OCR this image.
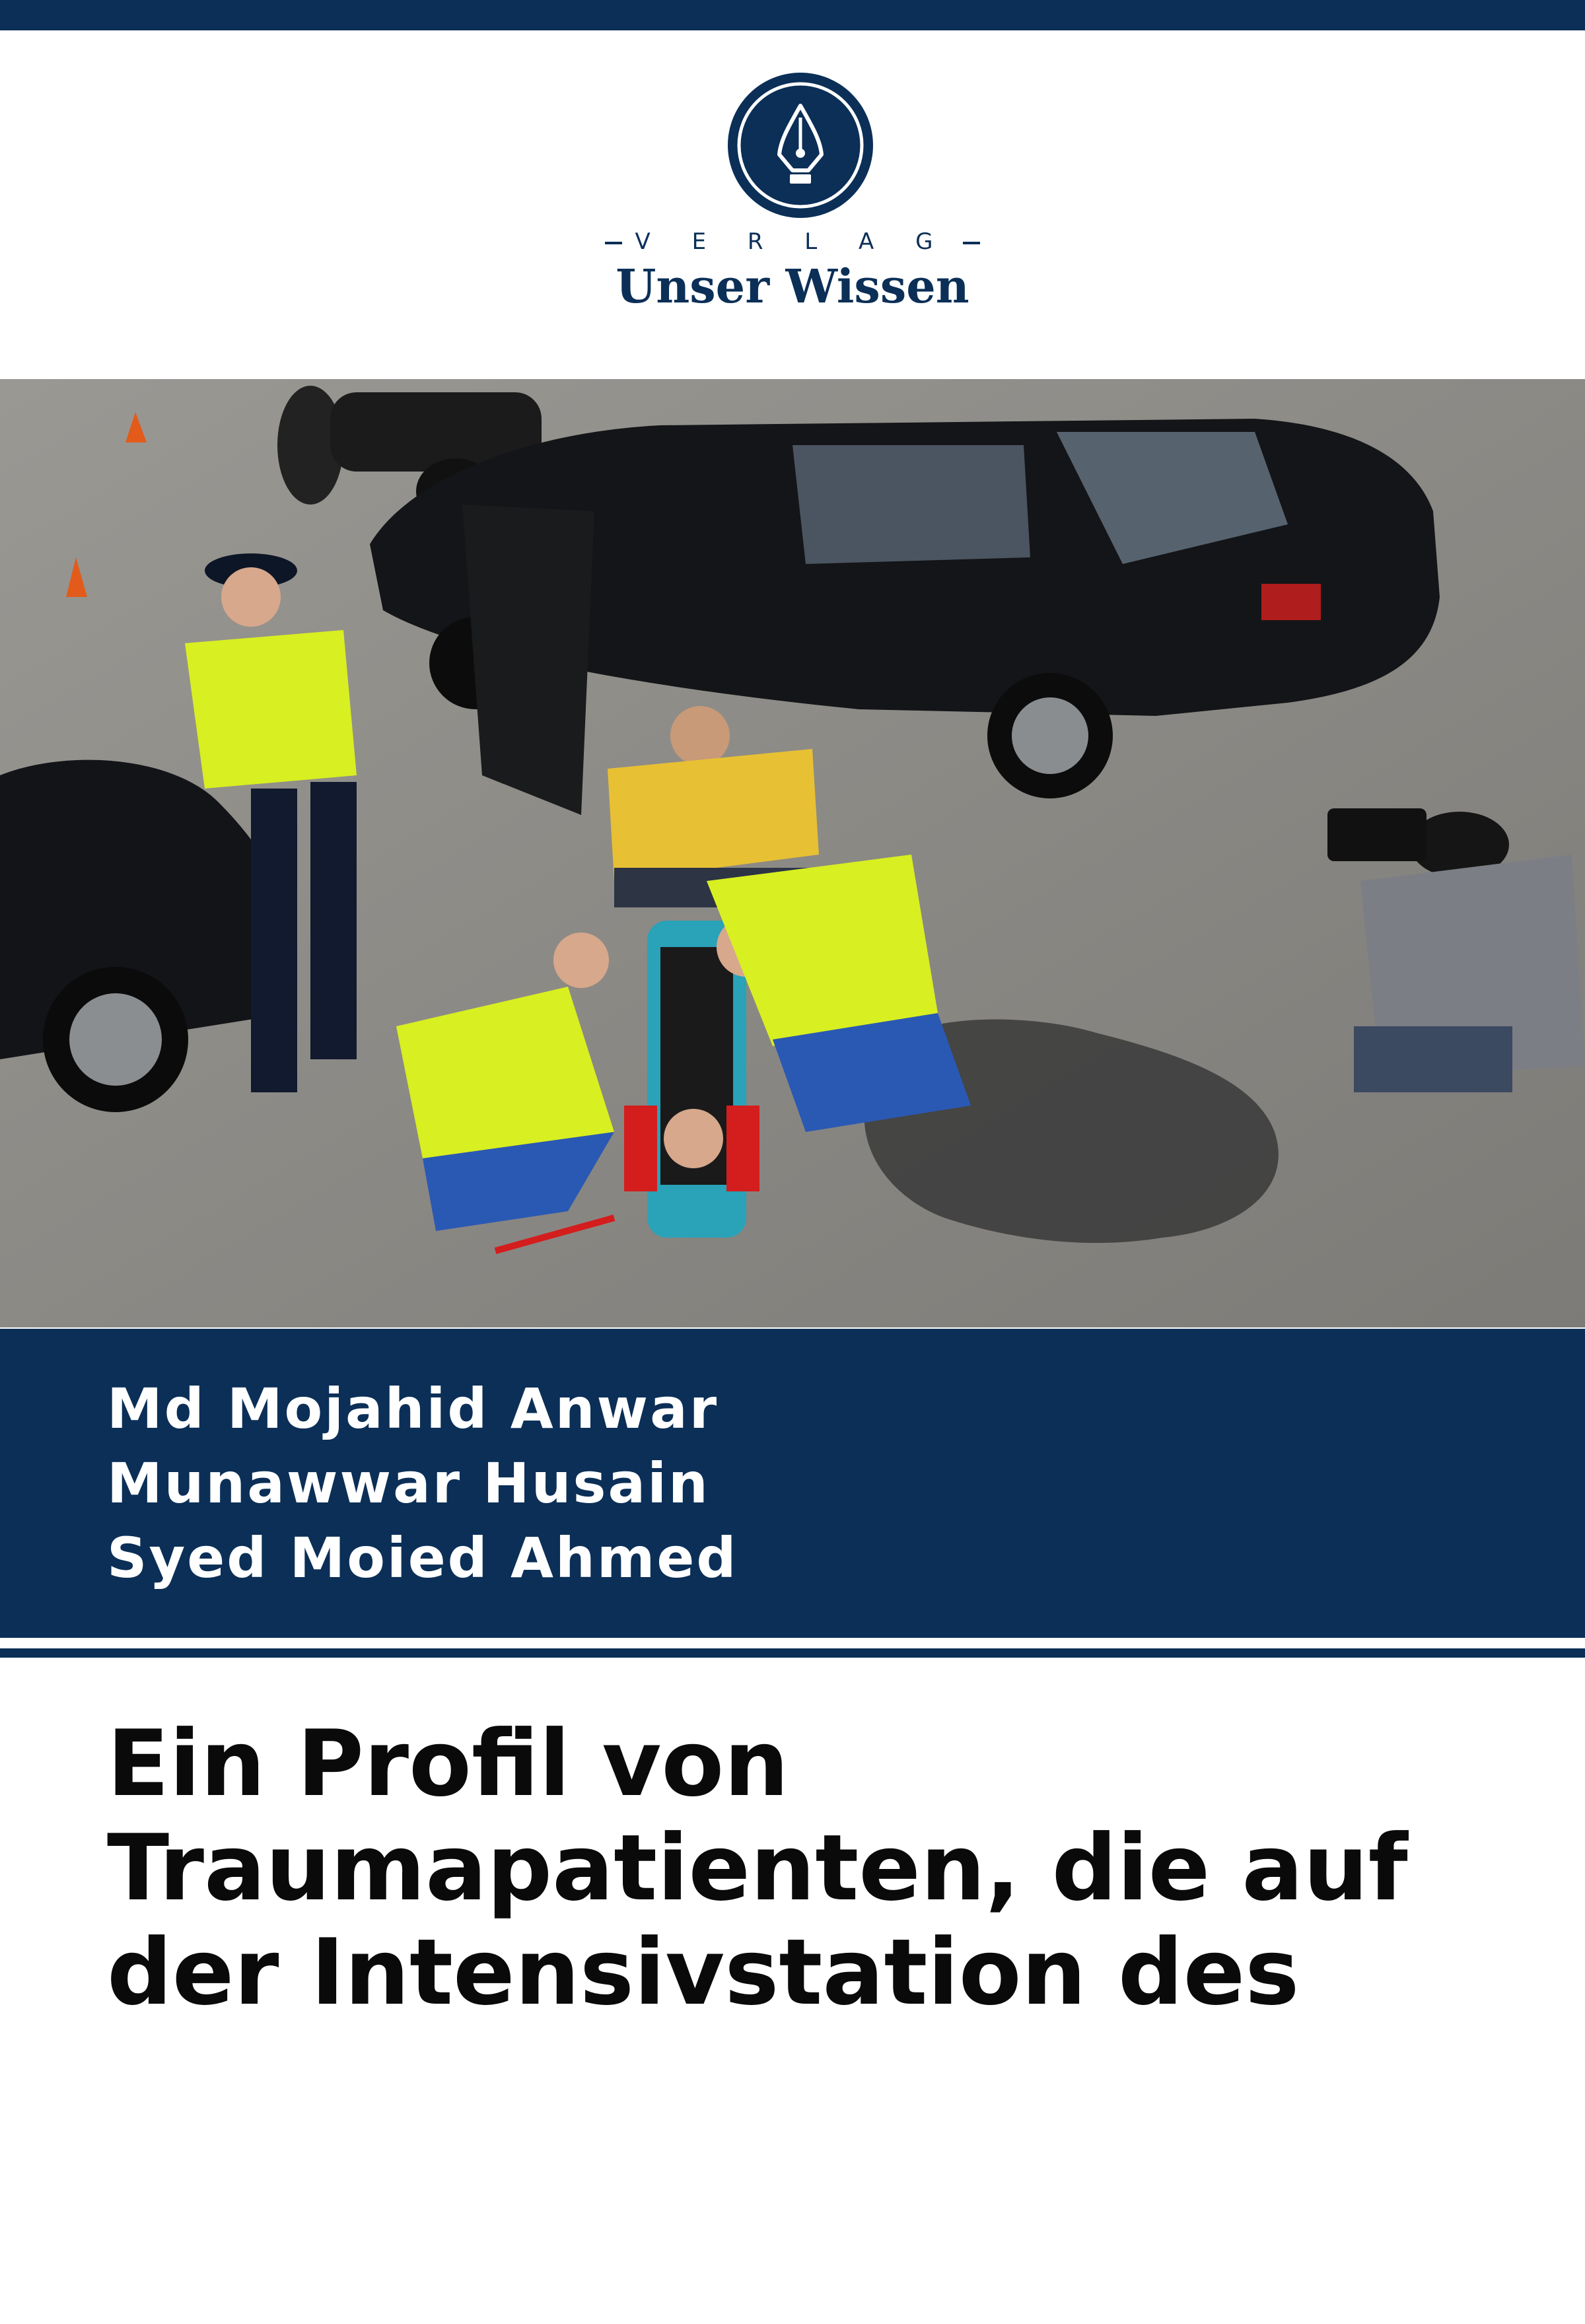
V E R L A G
Unser Wissen
Md Mojahid Anwar
Munawwar Husain
Syed Moied Ahmed
Ein Profil von Traumapatienten, die auf der Intensivstation des
